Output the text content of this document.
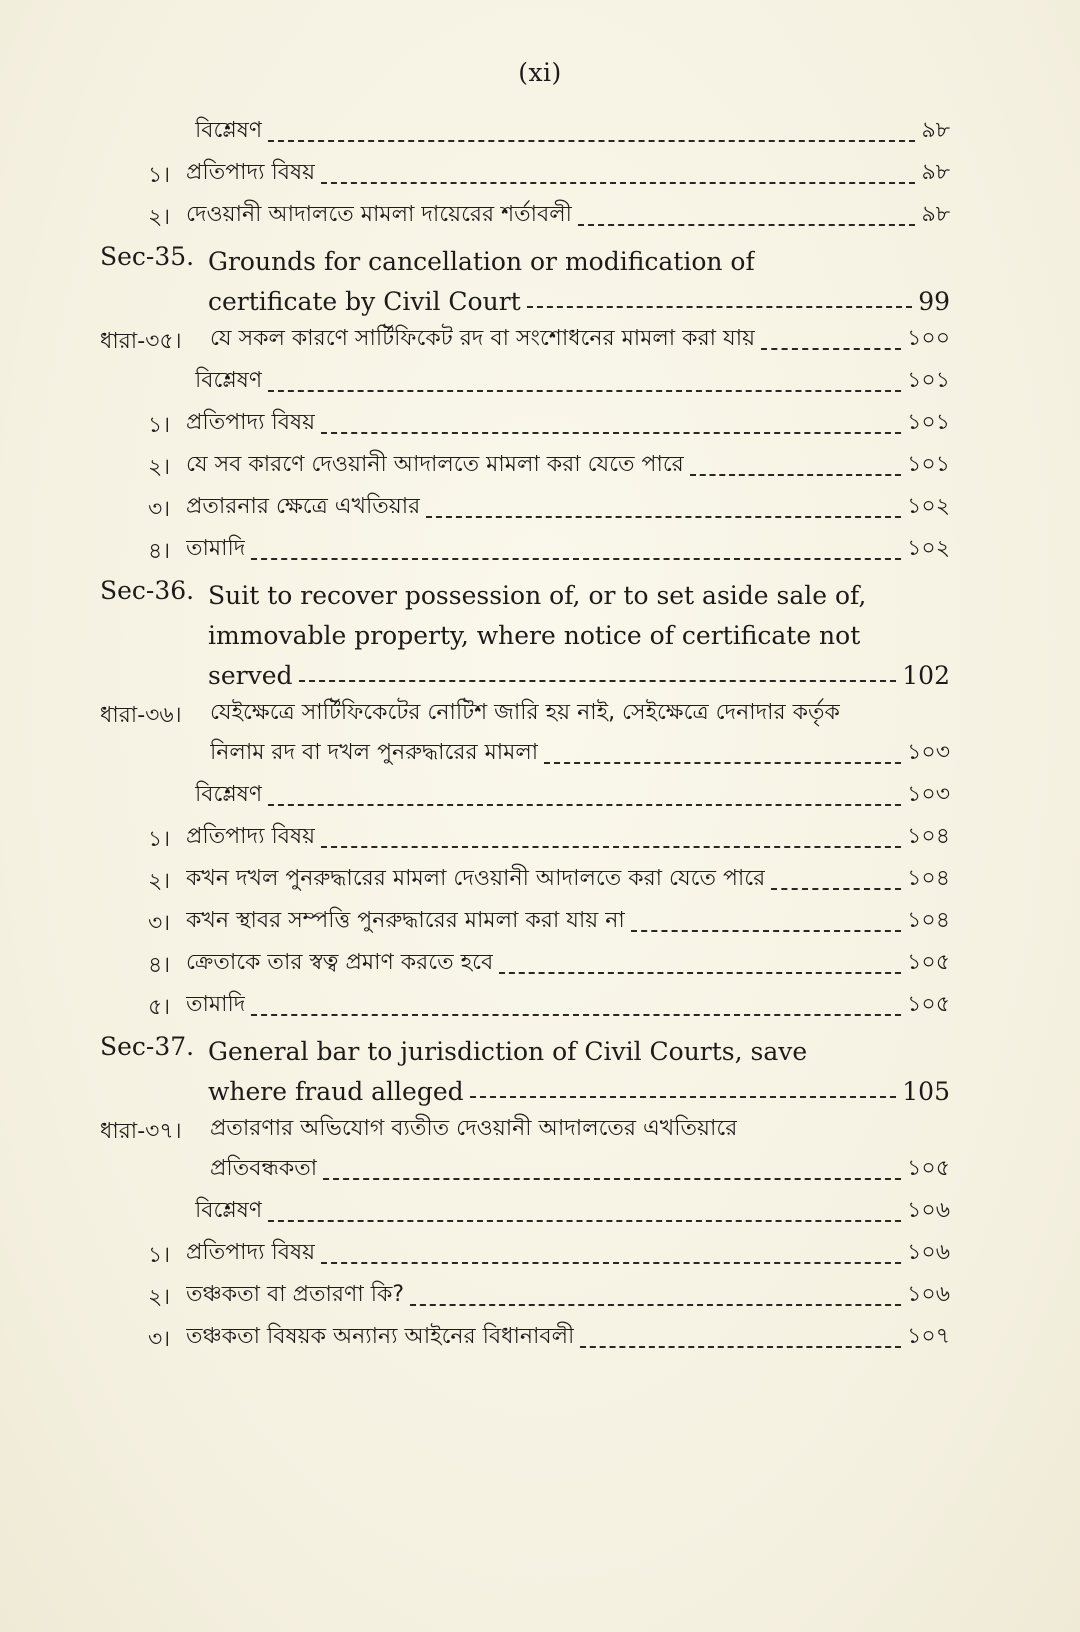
(xi)
বিশ্লেষণ	৯৮
১। প্রতিপাদ্য বিষয়	৯৮
২। দেওয়ানী আদালতে মামলা দায়েরের শর্তাবলী	৯৮
Sec-35. Grounds for cancellation or modification of
certificate by Civil Court	99
ধারা-৩৫। যে সকল কারণে সার্টিফিকেট রদ বা সংশোধনের মামলা করা যায়	১০০
বিশ্লেষণ	১০১
১। প্রতিপাদ্য বিষয়	১০১
২। যে সব কারণে দেওয়ানী আদালতে মামলা করা যেতে পারে	১০১
৩। প্রতারনার ক্ষেত্রে এখতিয়ার	১০২
৪। তামাদি	১০২
Sec-36. Suit to recover possession of, or to set aside sale of,
immovable property, where notice of certificate not
served	102
ধারা-৩৬। যেইক্ষেত্রে সার্টিফিকেটের নোটিশ জারি হয় নাই, সেইক্ষেত্রে দেনাদার কর্তৃক
নিলাম রদ বা দখল পুনরুদ্ধারের মামলা	১০৩
বিশ্লেষণ	১০৩
১। প্রতিপাদ্য বিষয়	১০৪
২। কখন দখল পুনরুদ্ধারের মামলা দেওয়ানী আদালতে করা যেতে পারে	১০৪
৩। কখন স্থাবর সম্পত্তি পুনরুদ্ধারের মামলা করা যায় না	১০৪
৪। ক্রেতাকে তার স্বত্ব প্রমাণ করতে হবে	১০৫
৫। তামাদি	১০৫
Sec-37. General bar to jurisdiction of Civil Courts, save
where fraud alleged	105
ধারা-৩৭। প্রতারণার অভিযোগ ব্যতীত দেওয়ানী আদালতের এখতিয়ারে
প্রতিবন্ধকতা	১০৫
বিশ্লেষণ	১০৬
১। প্রতিপাদ্য বিষয়	১০৬
২। তঞ্চকতা বা প্রতারণা কি?	১০৬
৩। তঞ্চকতা বিষয়ক অন্যান্য আইনের বিধানাবলী	১০৭
